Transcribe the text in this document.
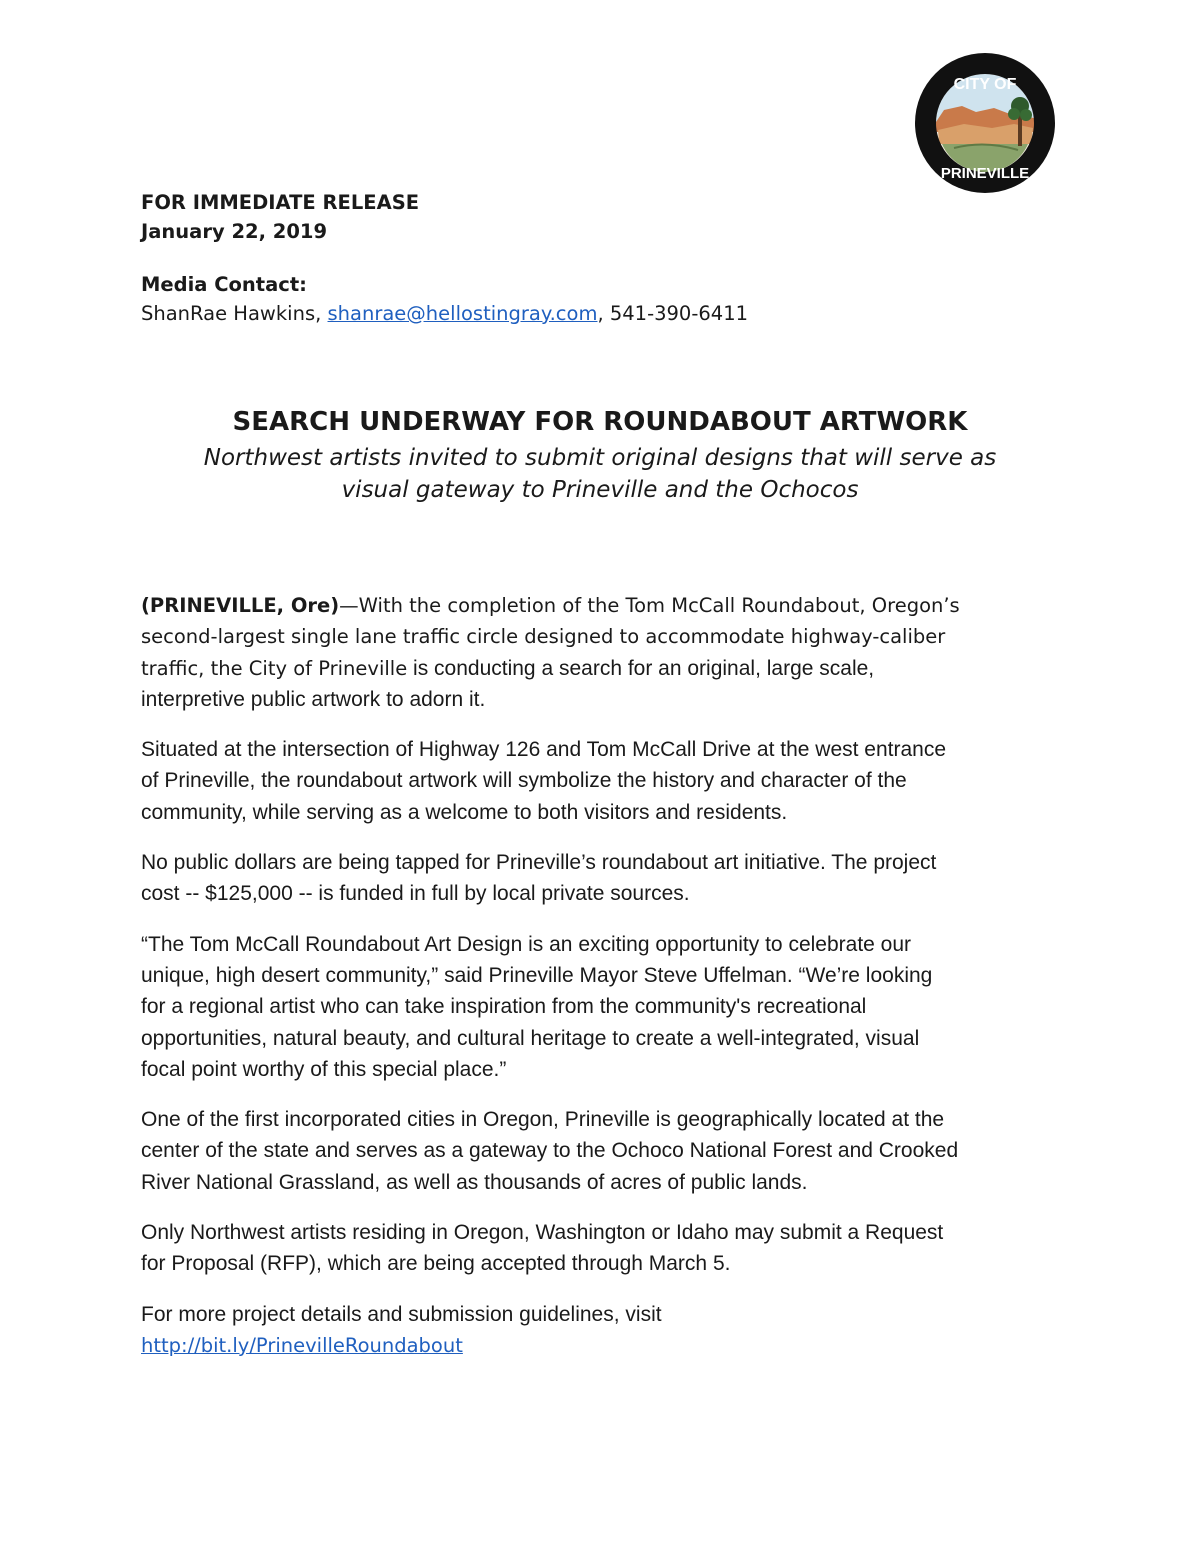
CITY OF
PRINEVILLE
FOR IMMEDIATE RELEASE
January 22, 2019
Media Contact:
ShanRae Hawkins, shanrae@hellostingray.com, 541-390-6411
SEARCH UNDERWAY FOR ROUNDABOUT ARTWORK
Northwest artists invited to submit original designs that will serve as
visual gateway to Prineville and the Ochocos

(PRINEVILLE, Ore)—With the completion of the Tom McCall Roundabout, Oregon’s
second-largest single lane traffic circle designed to accommodate highway-caliber
traffic, the City of Prineville is conducting a search for an original, large scale,
interpretive public artwork to adorn it.

Situated at the intersection of Highway 126 and Tom McCall Drive at the west entrance
of Prineville, the roundabout artwork will symbolize the history and character of the
community, while serving as a welcome to both visitors and residents.

No public dollars are being tapped for Prineville’s roundabout art initiative. The project
cost -- $125,000 -- is funded in full by local private sources.

“The Tom McCall Roundabout Art Design is an exciting opportunity to celebrate our
unique, high desert community,” said Prineville Mayor Steve Uffelman. “We’re looking
for a regional artist who can take inspiration from the community's recreational
opportunities, natural beauty, and cultural heritage to create a well-integrated, visual
focal point worthy of this special place.”

One of the first incorporated cities in Oregon, Prineville is geographically located at the
center of the state and serves as a gateway to the Ochoco National Forest and Crooked
River National Grassland, as well as thousands of acres of public lands.

Only Northwest artists residing in Oregon, Washington or Idaho may submit a Request
for Proposal (RFP), which are being accepted through March 5.

For more project details and submission guidelines, visit
http://bit.ly/PrinevilleRoundabout
